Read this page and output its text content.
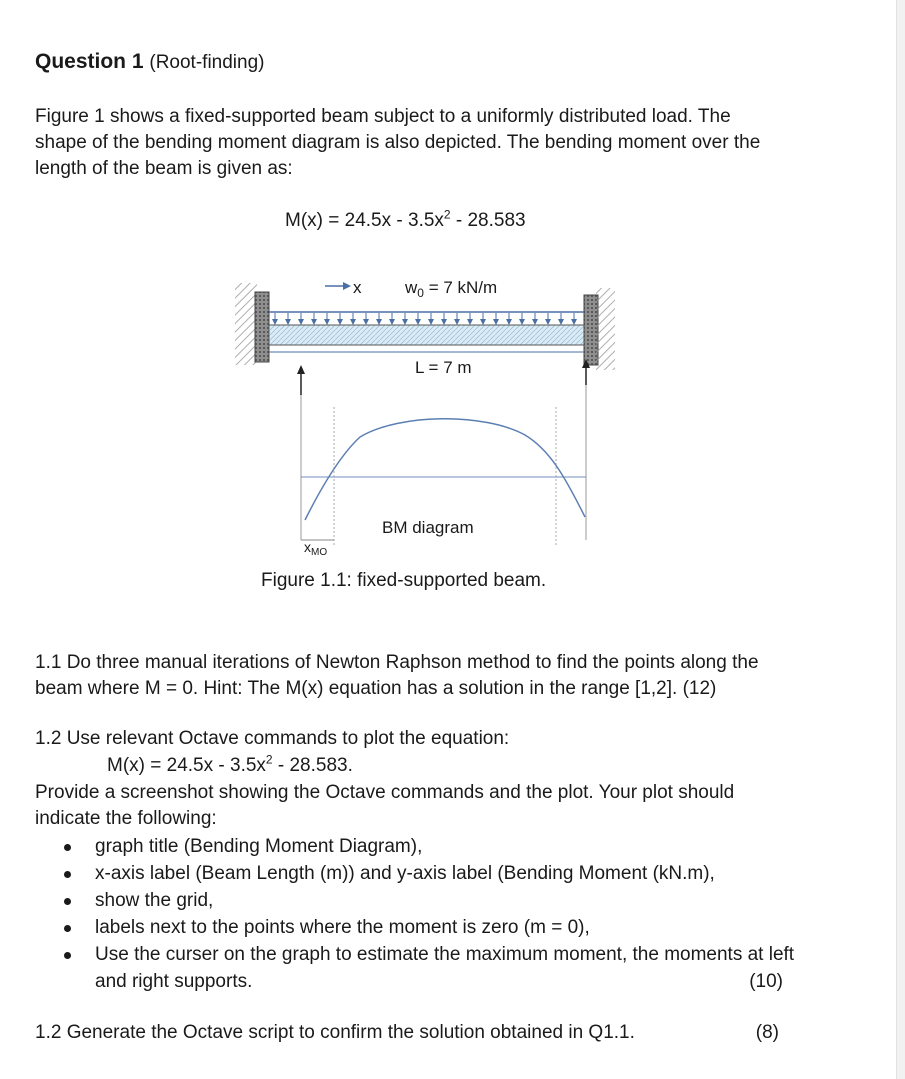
Question 1 (Root-finding)
Figure 1 shows a fixed-supported beam subject to a uniformly distributed load. The shape of the bending moment diagram is also depicted. The bending moment over the length of the beam is given as:
$M(x) = 24.5x - 3.5x^2 - 28.583$
x	$w_0 = 7$ kN/m
L = 7 m
BM diagram
$x_{MO}$
Figure 1.1: fixed-supported beam.
1.1 Do three manual iterations of Newton Raphson method to find the points along the beam where M = 0. Hint: The M(x) equation has a solution in the range [1,2]. (12)
1.2 Use relevant Octave commands to plot the equation:
$M(x) = 24.5x - 3.5x^2 - 28.583$.
Provide a screenshot showing the Octave commands and the plot. Your plot should indicate the following:
graph title (Bending Moment Diagram),
x-axis label (Beam Length (m)) and y-axis label (Bending Moment (kN.m),
show the grid,
labels next to the points where the moment is zero (m = 0),
Use the curser on the graph to estimate the maximum moment, the moments at left and right supports.	(10)
1.2 Generate the Octave script to confirm the solution obtained in Q1.1.	(8)
